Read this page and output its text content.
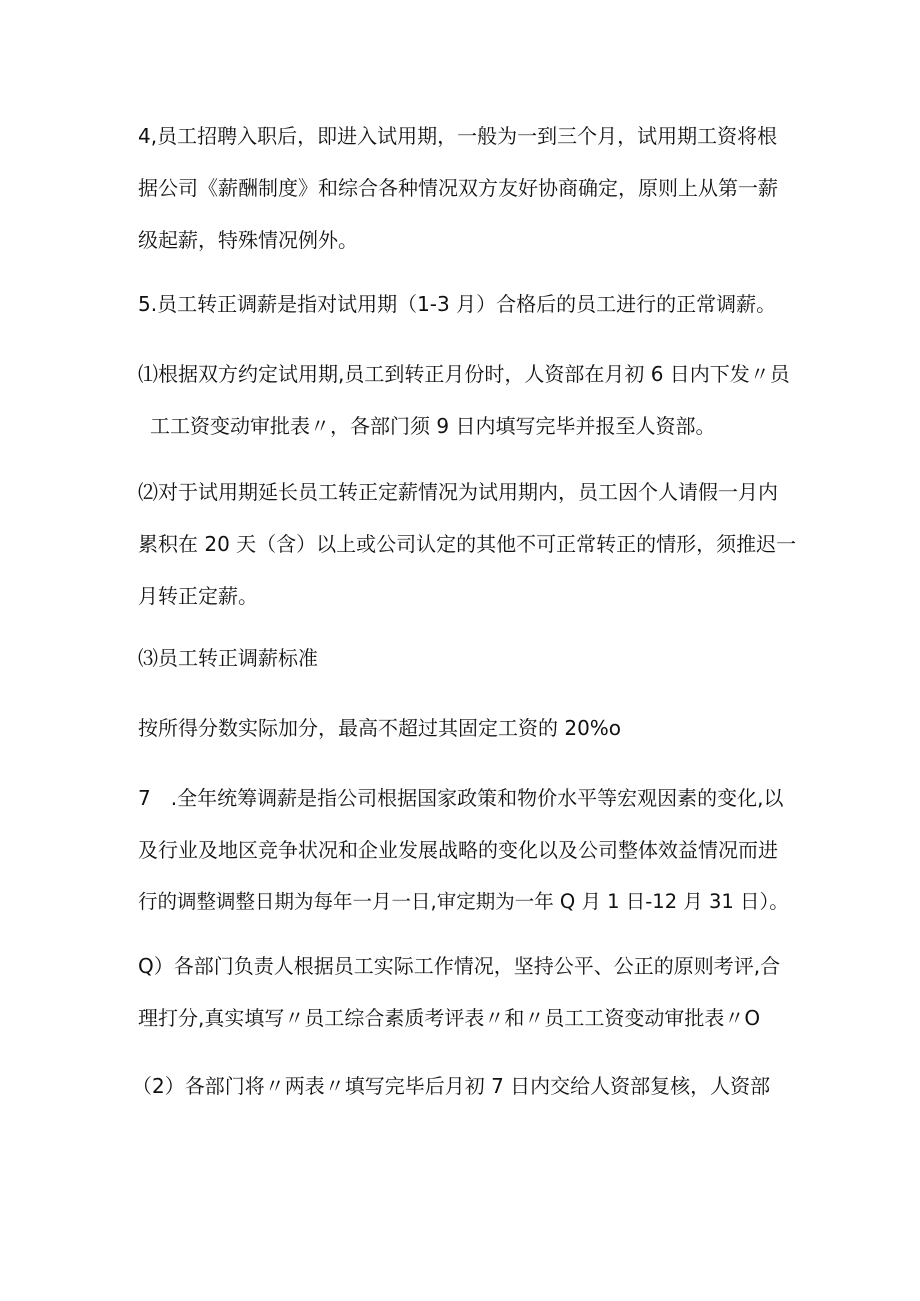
4,员工招聘入职后，即进入试用期，一般为一到三个月，试用期工资将根
据公司《薪酬制度》和综合各种情况双方友好协商确定，原则上从第一薪
级起薪，特殊情况例外。
5.员工转正调薪是指对试用期（1-3 月）合格后的员工进行的正常调薪。
⑴根据双方约定试用期,员工到转正月份时，人资部在月初 6 日内下发〃员
工工资变动审批表〃，各部门须 9 日内填写完毕并报至人资部。
⑵对于试用期延长员工转正定薪情况为试用期内，员工因个人请假一月内
累积在 20 天（含）以上或公司认定的其他不可正常转正的情形，须推迟一
月转正定薪。
⑶员工转正调薪标准
按所得分数实际加分，最高不超过其固定工资的 20%o
7　.全年统筹调薪是指公司根据国家政策和物价水平等宏观因素的变化,以
及行业及地区竞争状况和企业发展战略的变化以及公司整体效益情况而进
行的调整调整日期为每年一月一日,审定期为一年 Q 月 1 日-12 月 31 日）。
Q）各部门负责人根据员工实际工作情况，坚持公平、公正的原则考评,合
理打分,真实填写〃员工综合素质考评表〃和〃员工工资变动审批表〃O
（2）各部门将〃两表〃填写完毕后月初 7 日内交给人资部复核，人资部
